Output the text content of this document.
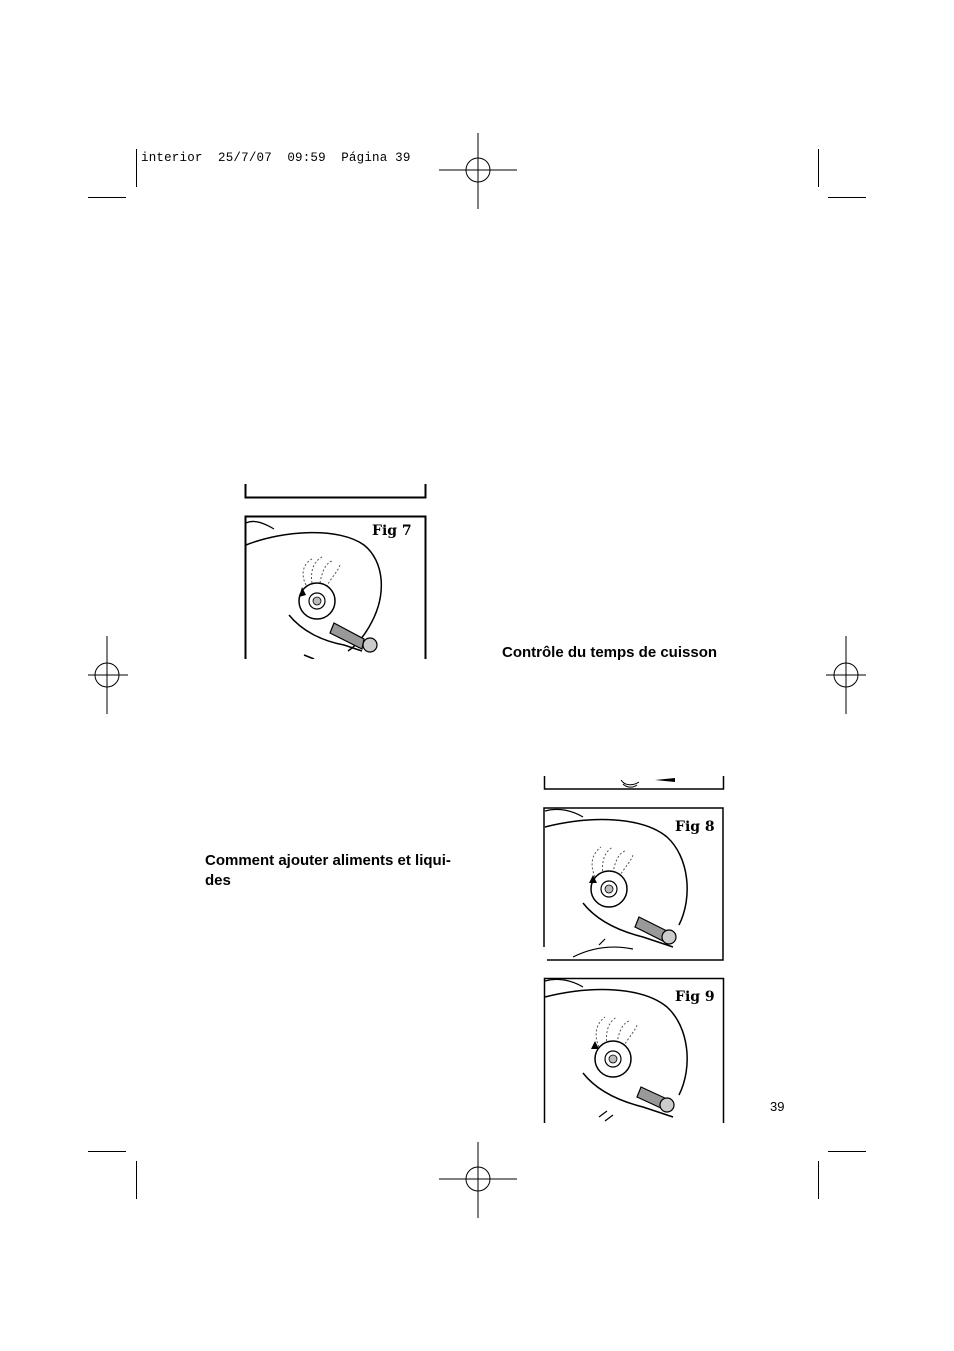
interior  25/7/07  09:59  Página 39
Fig 7
Contrôle du temps de cuisson
Comment ajouter aliments et liqui-
des
Fig 8
Fig 9
39
